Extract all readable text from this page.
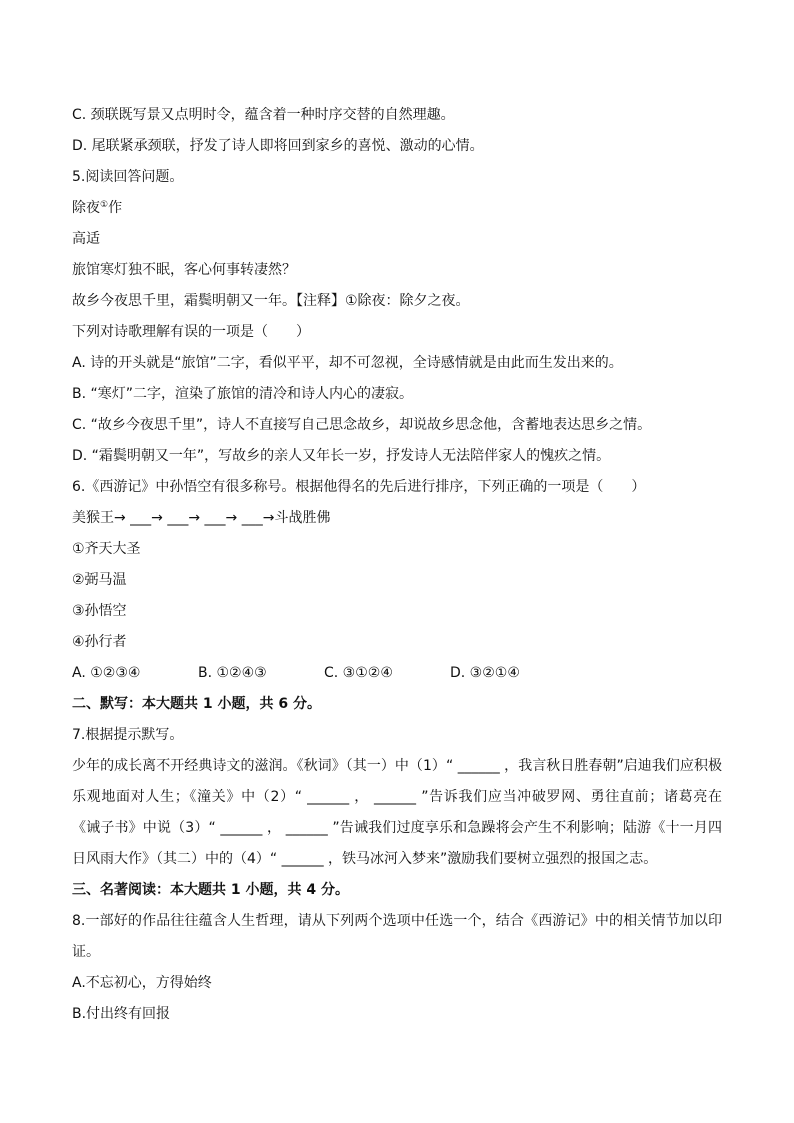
C. 颈联既写景又点明时令，蕴含着一种时序交替的自然理趣。
D. 尾联紧承颈联，抒发了诗人即将回到家乡的喜悦、激动的心情。
5.阅读回答问题。
除夜①作
高适
旅馆寒灯独不眠，客心何事转凄然？
故乡今夜思千里，霜鬓明朝又一年。【注释】①除夜：除夕之夜。
下列对诗歌理解有误的一项是（　　）
A. 诗的开头就是“旅馆”二字，看似平平，却不可忽视，全诗感情就是由此而生发出来的。
B. “寒灯”二字，渲染了旅馆的清冷和诗人内心的凄寂。
C. “故乡今夜思千里”，诗人不直接写自己思念故乡，却说故乡思念他，含蓄地表达思乡之情。
D. “霜鬓明朝又一年”，写故乡的亲人又年长一岁，抒发诗人无法陪伴家人的愧疚之情。
6.《西游记》中孙悟空有很多称号。根据他得名的先后进行排序，下列正确的一项是（　　）
美猴王→ ___→ ___→ ___→ ___→斗战胜佛
①齐天大圣
②弼马温
③孙悟空
④孙行者
A. ①②③④	B. ①②④③	C. ③①②④	D. ③②①④
二、默写：本大题共 1 小题，共 6 分。
7.根据提示默写。
少年的成长离不开经典诗文的滋润。《秋词》（其一）中（1）“ ______ ，我言秋日胜春朝”启迪我们应积极乐观地面对人生；《潼关》中（2）“ ______ ， ______ ”告诉我们应当冲破罗网、勇往直前；诸葛亮在《诫子书》中说（3）“ ______ ， ______ ”告诫我们过度享乐和急躁将会产生不利影响；陆游《十一月四日风雨大作》（其二）中的（4）“ ______ ，铁马冰河入梦来”激励我们要树立强烈的报国之志。
三、名著阅读：本大题共 1 小题，共 4 分。
8.一部好的作品往往蕴含人生哲理，请从下列两个选项中任选一个，结合《西游记》中的相关情节加以印证。
A.不忘初心，方得始终
B.付出终有回报
